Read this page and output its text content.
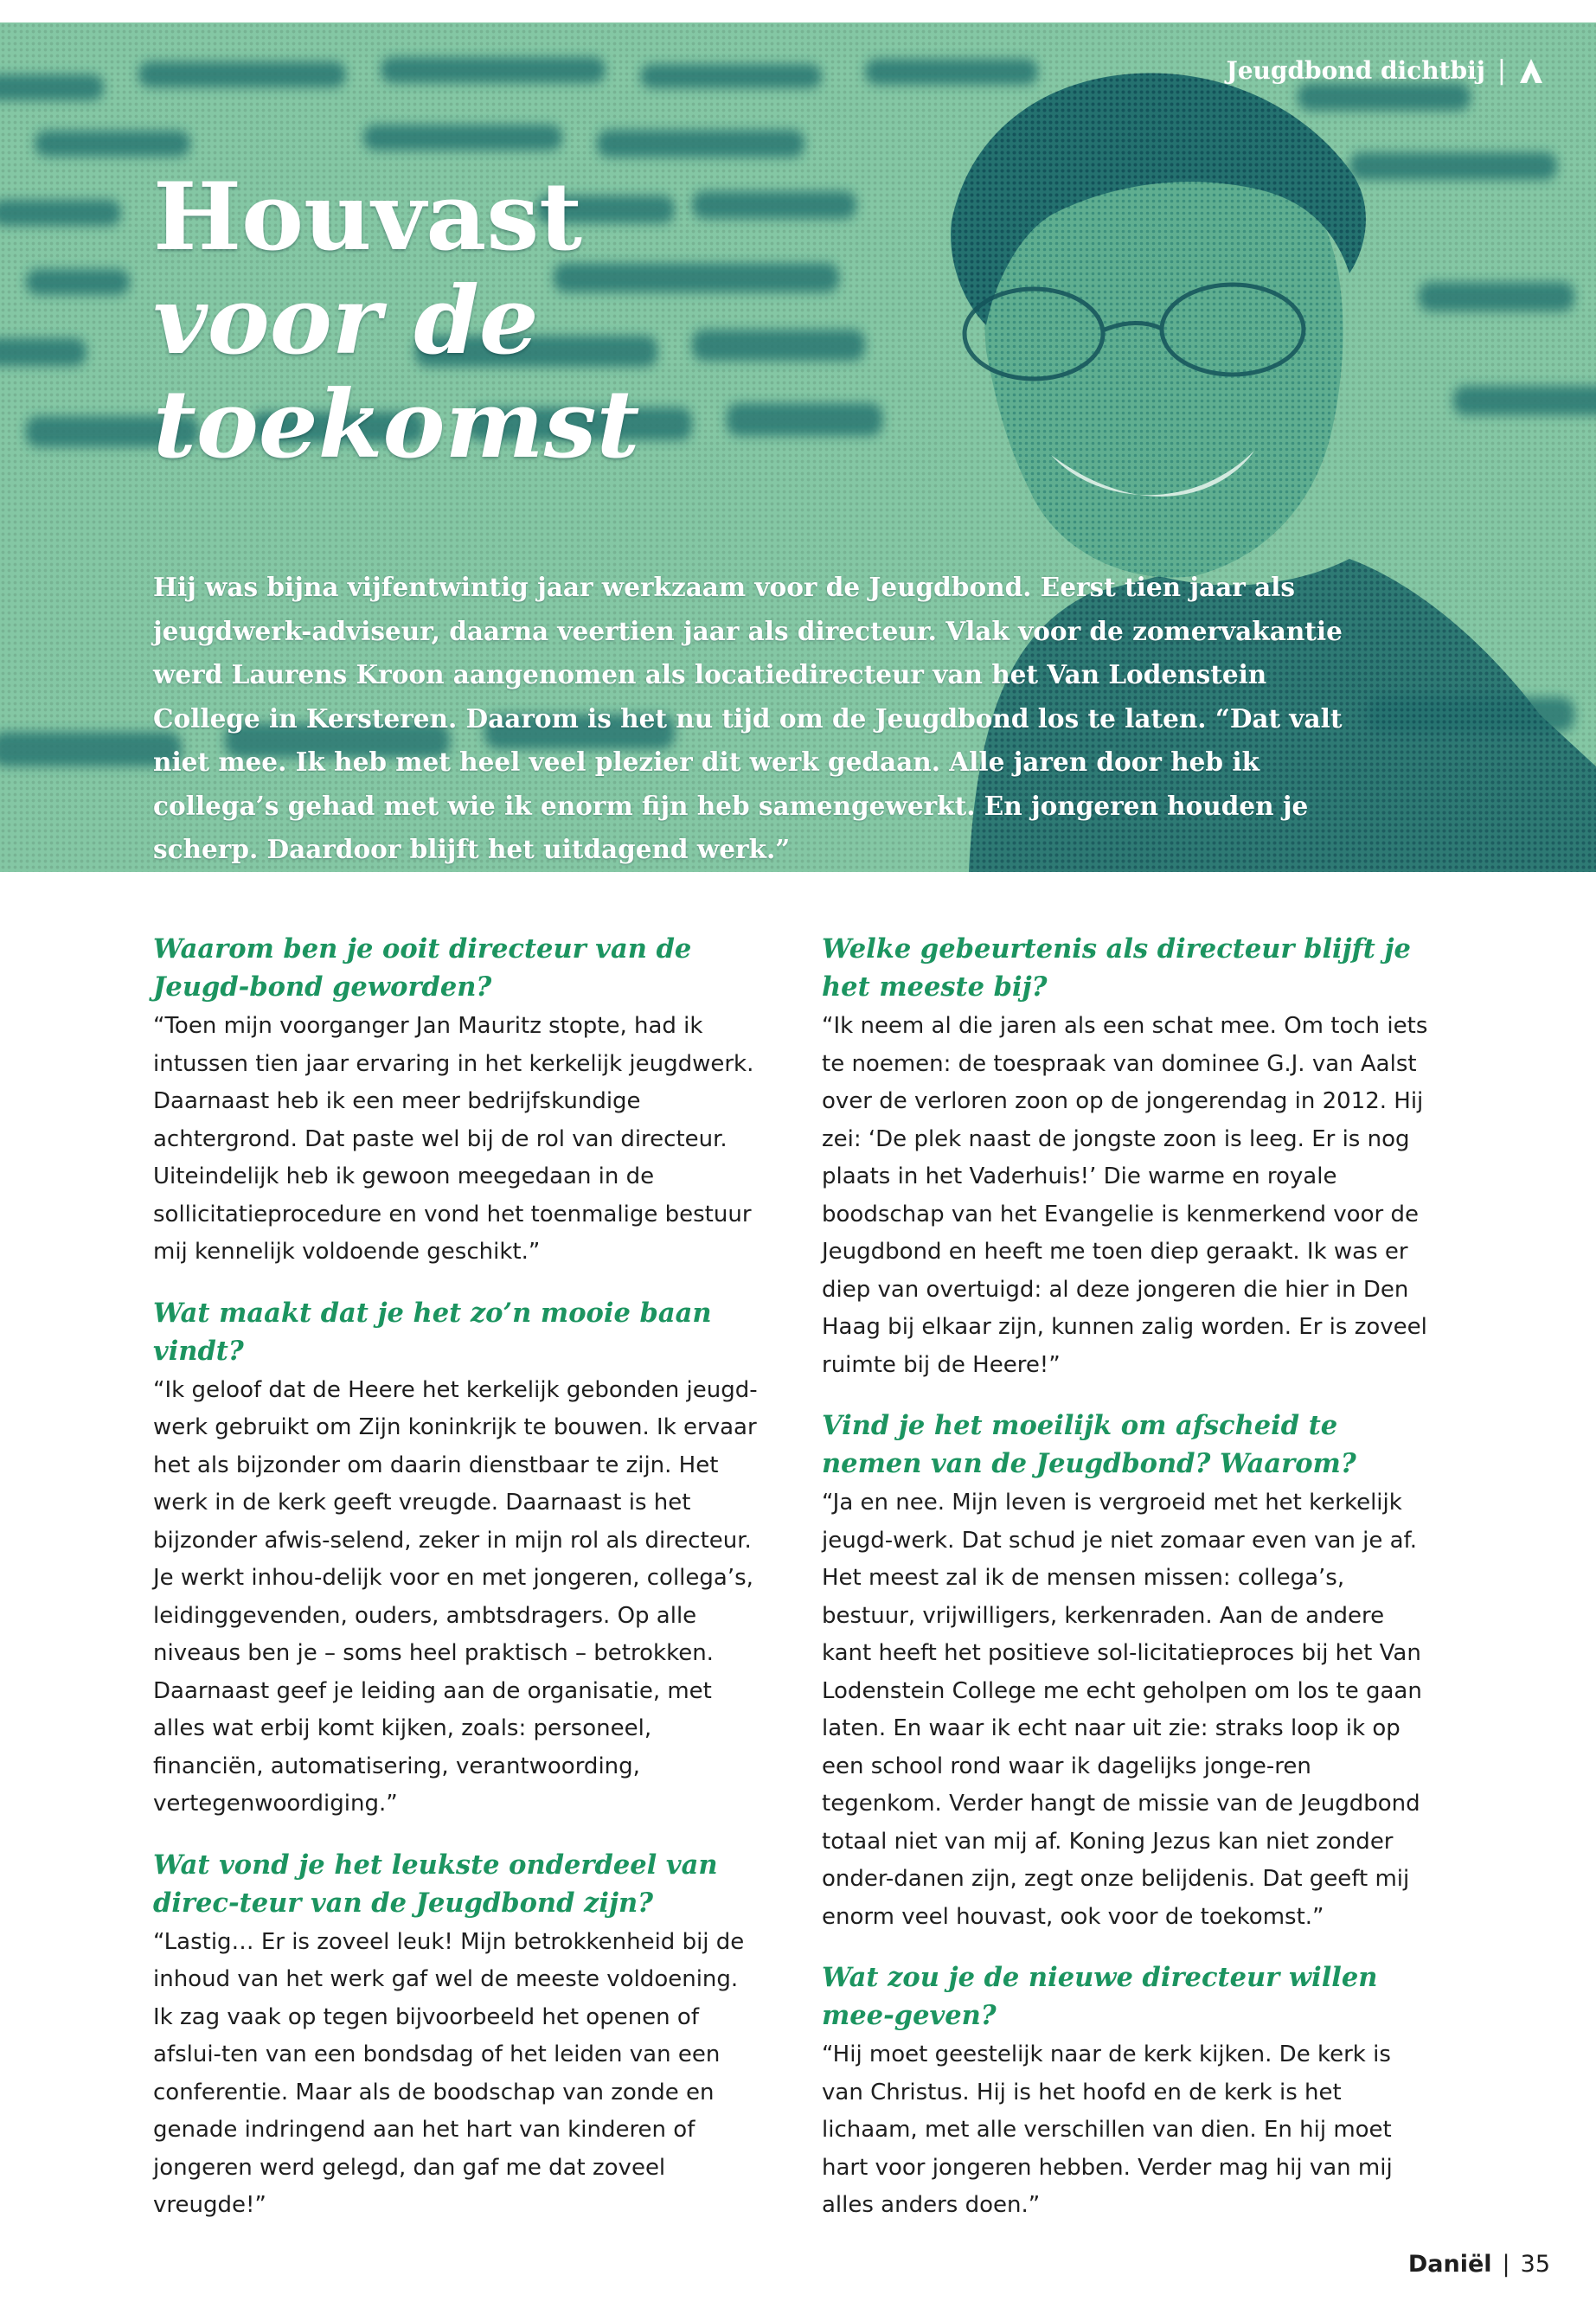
Jeugdbond dichtbij |
Houvast
voor de
toekomst

Hij was bijna vijfentwintig jaar werkzaam voor de Jeugdbond. Eerst tien jaar als jeugdwerk-adviseur, daarna veertien jaar als directeur. Vlak voor de zomervakantie werd Laurens Kroon aangenomen als locatiedirecteur van het Van Lodenstein College in Kersteren. Daarom is het nu tijd om de Jeugdbond los te laten. “Dat valt niet mee. Ik heb met heel veel plezier dit werk gedaan. Alle jaren door heb ik collega’s gehad met wie ik enorm fijn heb samengewerkt. En jongeren houden je scherp. Daardoor blijft het uitdagend werk.”

Waarom ben je ooit directeur van de Jeugd-bond geworden?

“Toen mijn voorganger Jan Mauritz stopte, had ik intussen tien jaar ervaring in het kerkelijk jeugdwerk. Daarnaast heb ik een meer bedrijfskundige achtergrond. Dat paste wel bij de rol van directeur. Uiteindelijk heb ik gewoon meegedaan in de sollicitatieprocedure en vond het toenmalige bestuur mij kennelijk voldoende geschikt.”

Wat maakt dat je het zo’n mooie baan vindt?

“Ik geloof dat de Heere het kerkelijk gebonden jeugd-werk gebruikt om Zijn koninkrijk te bouwen. Ik ervaar het als bijzonder om daarin dienstbaar te zijn. Het werk in de kerk geeft vreugde. Daarnaast is het bijzonder afwis-selend, zeker in mijn rol als directeur. Je werkt inhou-delijk voor en met jongeren, collega’s, leidinggevenden, ouders, ambtsdragers. Op alle niveaus ben je – soms heel praktisch – betrokken. Daarnaast geef je leiding aan de organisatie, met alles wat erbij komt kijken, zoals: personeel, financiën, automatisering, verantwoording, vertegenwoordiging.”

Wat vond je het leukste onderdeel van direc-teur van de Jeugdbond zijn?

“Lastig… Er is zoveel leuk! Mijn betrokkenheid bij de inhoud van het werk gaf wel de meeste voldoening. Ik zag vaak op tegen bijvoorbeeld het openen of afslui-ten van een bondsdag of het leiden van een conferentie. Maar als de boodschap van zonde en genade indringend aan het hart van kinderen of jongeren werd gelegd, dan gaf me dat zoveel vreugde!”

Welke gebeurtenis als directeur blijft je het meeste bij?

“Ik neem al die jaren als een schat mee. Om toch iets te noemen: de toespraak van dominee G.J. van Aalst over de verloren zoon op de jongerendag in 2012. Hij zei: ‘De plek naast de jongste zoon is leeg. Er is nog plaats in het Vaderhuis!’ Die warme en royale boodschap van het Evangelie is kenmerkend voor de Jeugdbond en heeft me toen diep geraakt. Ik was er diep van overtuigd: al deze jongeren die hier in Den Haag bij elkaar zijn, kunnen zalig worden. Er is zoveel ruimte bij de Heere!”

Vind je het moeilijk om afscheid te nemen van de Jeugdbond? Waarom?

“Ja en nee. Mijn leven is vergroeid met het kerkelijk jeugd-werk. Dat schud je niet zomaar even van je af. Het meest zal ik de mensen missen: collega’s, bestuur, vrijwilligers, kerkenraden. Aan de andere kant heeft het positieve sol-licitatieproces bij het Van Lodenstein College me echt geholpen om los te gaan laten. En waar ik echt naar uit zie: straks loop ik op een school rond waar ik dagelijks jonge-ren tegenkom. Verder hangt de missie van de Jeugdbond totaal niet van mij af. Koning Jezus kan niet zonder onder-danen zijn, zegt onze belijdenis. Dat geeft mij enorm veel houvast, ook voor de toekomst.”

Wat zou je de nieuwe directeur willen mee-geven?

“Hij moet geestelijk naar de kerk kijken. De kerk is van Christus. Hij is het hoofd en de kerk is het lichaam, met alle verschillen van dien. En hij moet hart voor jongeren hebben. Verder mag hij van mij alles anders doen.”

Daniël | 35
